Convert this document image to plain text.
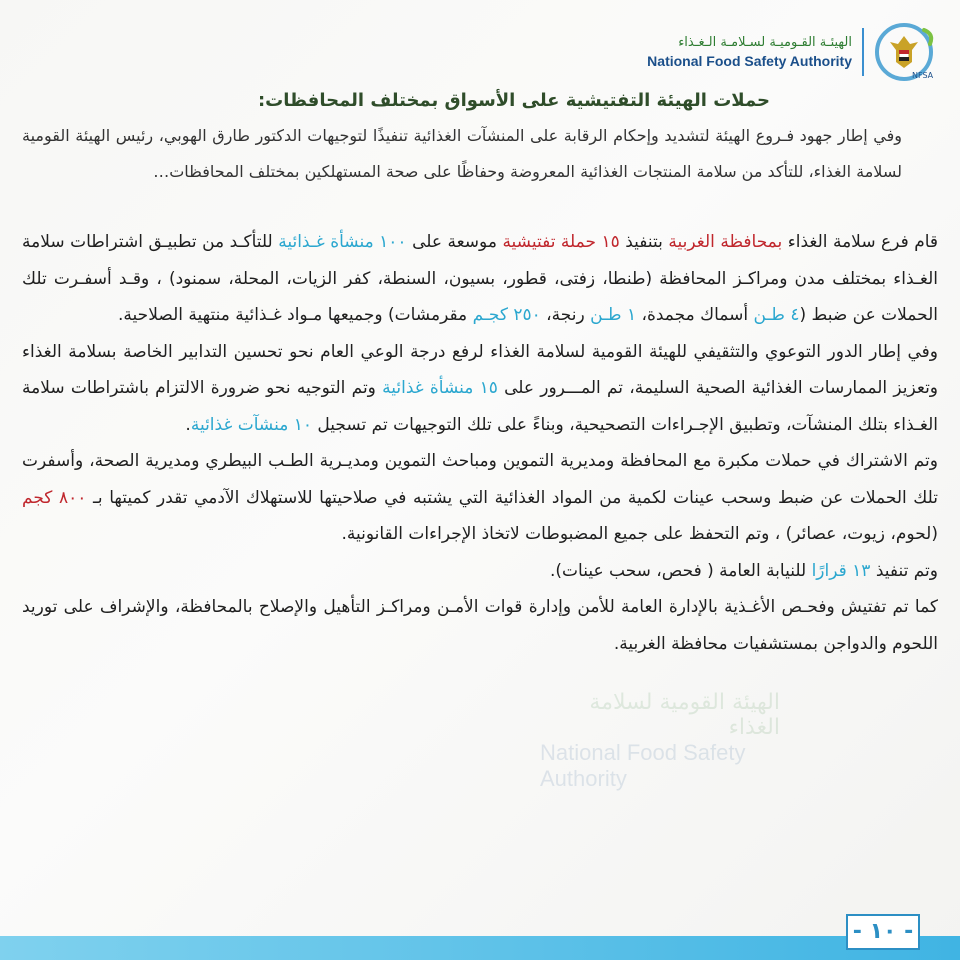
الهيئـة القـوميـة لسـلامـة الـغـذاء
National Food Safety Authority
NFSA
الهيئة القومية لسلامة الغذاء
National Food Safety Authority
حملات الهيئة التفتيشية على الأسواق بمختلف المحافظات:

وفي إطار جهود فـروع الهيئة لتشديد وإحكام الرقابة على المنشآت الغذائية تنفيذًا لتوجيهات الدكتور طارق الهوبي، رئيس الهيئة القومية لسلامة الغذاء، للتأكد من سلامة المنتجات الغذائية المعروضة وحفاظًا على صحة المستهلكين بمختلف المحافظات…

قام فرع سلامة الغذاء بمحافظة الغربية بتنفيذ ١٥ حملة تفتيشية موسعة على ١٠٠ منشأة غـذائية للتأكـد من تطبيـق اشتراطات سلامة الغـذاء بمختلف مدن ومراكـز المحافظة (طنطا، زفتى، قطور، بسيون، السنطة، كفر الزيات، المحلة، سمنود) ، وقـد أسفـرت تلك الحملات عن ضبط (٤ طـن أسماك مجمدة، ١ طـن رنجة، ٢٥٠ كجـم مقرمشات) وجميعها مـواد غـذائية منتهية الصلاحية.

وفي إطار الدور التوعوي والتثقيفي للهيئة القومية لسلامة الغذاء لرفع درجة الوعي العام نحو تحسين التدابير الخاصة بسلامة الغذاء وتعزيز الممارسات الغذائية الصحية السليمة، تم المـــرور على ١٥ منشأة غذائية وتم التوجيه نحو ضرورة الالتزام باشتراطات سلامة الغـذاء بتلك المنشآت، وتطبيق الإجـراءات التصحيحية، وبناءً على تلك التوجيهات تم تسجيل ١٠ منشآت غذائية.

وتم الاشتراك في حملات مكبرة مع المحافظة ومديرية التموين ومباحث التموين ومديـرية الطـب البيطري ومديرية الصحة، وأسفرت تلك الحملات عن ضبط وسحب عينات لكمية من المواد الغذائية التي يشتبه في صلاحيتها للاستهلاك الآدمي تقدر كميتها بـ ٨٠٠ كجم (لحوم، زيوت، عصائر) ، وتم التحفظ على جميع المضبوطات لاتخاذ الإجراءات القانونية.

وتم تنفيذ ١٣ قرارًا للنيابة العامة ( فحص، سحب عينات).

كما تم تفتيش وفحـص الأغـذية بالإدارة العامة للأمن وإدارة قوات الأمـن ومراكـز التأهيل والإصلاح بالمحافظة، والإشراف على توريد اللحوم والدواجن بمستشفيات محافظة الغربية.

- ١٠ -
